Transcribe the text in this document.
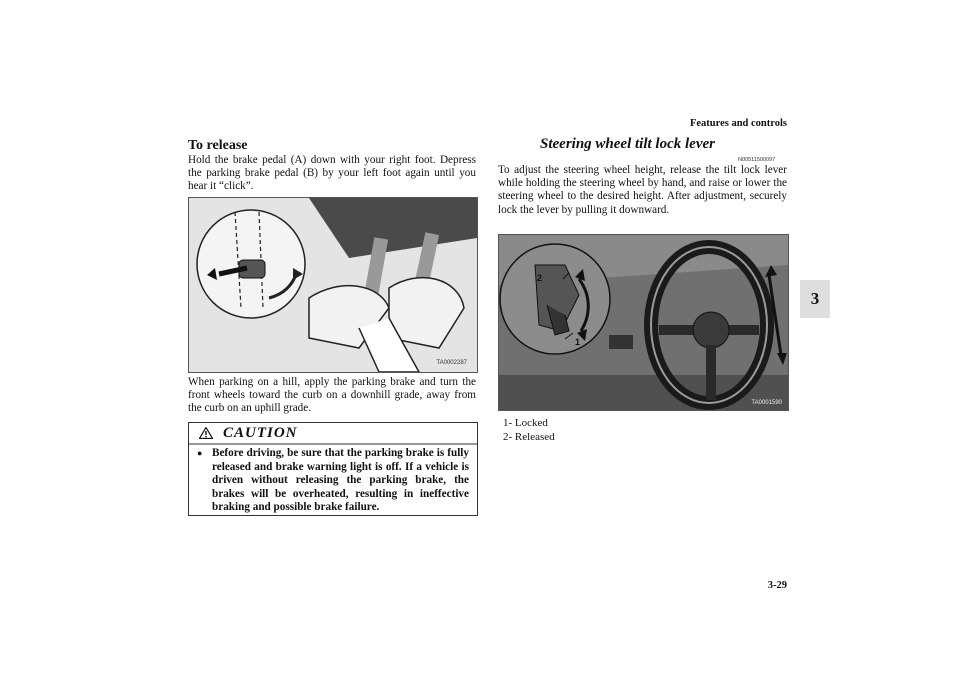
Features and controls
3
To release
Hold the brake pedal (A) down with your right foot. Depress the parking brake pedal (B) by your left foot again until you hear it “click”.
TA0002287
When parking on a hill, apply the parking brake and turn the front wheels toward the curb on a downhill grade, away from the curb on an uphill grade.
CAUTION
● Before driving, be sure that the parking brake is fully released and brake warning light is off. If a vehicle is driven without releasing the parking brake, the brakes will be overheated, resulting in ineffective braking and possible brake failure.
Steering wheel tilt lock lever
N00511500097
To adjust the steering wheel height, release the tilt lock lever while holding the steering wheel by hand, and raise or lower the steering wheel to the desired height. After adjustment, securely lock the lever by pulling it downward.
2
1
TA0001590
1- Locked
2- Released
3-29
